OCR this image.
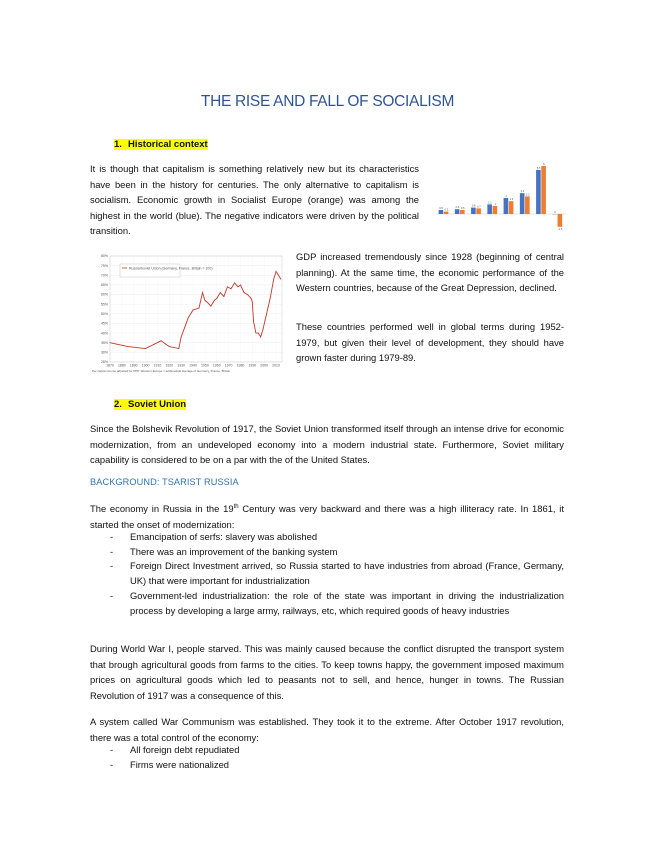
THE RISE AND FALL OF SOCIALISM
1. Historical context
It is though that capitalism is something relatively new but its characteristics have been in the history for centuries. The only alternative to capitalism is socialism. Economic growth in Socialist Europe (orange) was among the highest in the world (blue). The negative indicators were driven by the political transition.
0.5
0.3
0.6 0.5
0.8 0.7
1.2
1
2
1.6
2.6
2.2
5.5
6
0
-1.6
80%
75%
70%
65%
60%
55%
50%
45%
40%
35%
30%
25%
1870 1880 1890 1900 1910 1920 1930 1940 1950 1960 1970 1980 1990 2000 2010
Russia/Soviet Union (Germany, France, Britain = 100)
Per capita income adjusted for PPP. Western Europe = arithmetical average of Germany, France, Britain.
GDP increased tremendously since 1928 (beginning of central planning). At the same time, the economic performance of the Western countries, because of the Great Depression, declined.
These countries performed well in global terms during 1952-1979, but given their level of development, they should have grown faster during 1979-89.
2. Soviet Union
Since the Bolshevik Revolution of 1917, the Soviet Union transformed itself through an intense drive for economic modernization, from an undeveloped economy into a modern industrial state. Furthermore, Soviet military capability is considered to be on a par with the of the United States.
BACKGROUND: TSARIST RUSSIA
The economy in Russia in the 19th Century was very backward and there was a high illiteracy rate. In 1861, it started the onset of modernization:
- Emancipation of serfs: slavery was abolished
- There was an improvement of the banking system
- Foreign Direct Investment arrived, so Russia started to have industries from abroad (France, Germany, UK) that were important for industrialization
- Government-led industrialization: the role of the state was important in driving the industrialization process by developing a large army, railways, etc, which required goods of heavy industries
During World War I, people starved. This was mainly caused because the conflict disrupted the transport system that brough agricultural goods from farms to the cities. To keep towns happy, the government imposed maximum prices on agricultural goods which led to peasants not to sell, and hence, hunger in towns. The Russian Revolution of 1917 was a consequence of this.
A system called War Communism was established. They took it to the extreme. After October 1917 revolution, there was a total control of the economy:
- All foreign debt repudiated
- Firms were nationalized
